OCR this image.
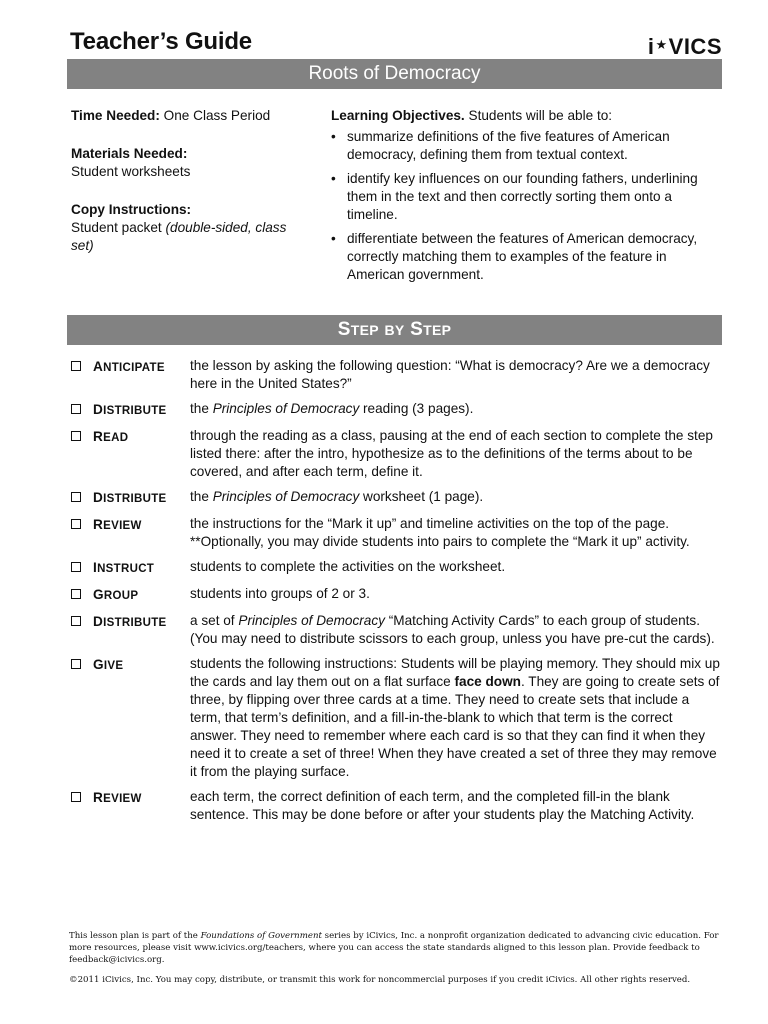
Teacher’s Guide	i ★ VICS
Roots of Democracy
Time Needed: One Class Period
Materials Needed:
Student worksheets
Copy Instructions:
Student packet (double-sided, class set)
Learning Objectives. Students will be able to:
• summarize definitions of the five features of American democracy, defining them from textual context.
• identify key influences on our founding fathers, underlining them in the text and then correctly sorting them onto a timeline.
• differentiate between the features of American democracy, correctly matching them to examples of the feature in American government.
S TEP
BY
S TEP
ANTICIPATE	the lesson by asking the following question: “What is democracy? Are we a democracy here in the United States?”
DISTRIBUTE	the Principles of Democracy reading (3 pages).
READ	through the reading as a class, pausing at the end of each section to complete the step listed there: after the intro, hypothesize as to the definitions of the terms about to be covered, and after each term, define it.
DISTRIBUTE	the Principles of Democracy worksheet (1 page).
REVIEW	the instructions for the “Mark it up” and timeline activities on the top of the page. **Optionally, you may divide students into pairs to complete the “Mark it up” activity.
INSTRUCT	students to complete the activities on the worksheet.
GROUP	students into groups of 2 or 3.
DISTRIBUTE	a set of Principles of Democracy “Matching Activity Cards” to each group of students. (You may need to distribute scissors to each group, unless you have pre-cut the cards).
GIVE	students the following instructions: Students will be playing memory. They should mix up the cards and lay them out on a flat surface face down. They are going to create sets of three, by flipping over three cards at a time. They need to create sets that include a term, that term’s definition, and a fill-in-the-blank to which that term is the correct answer. They need to remember where each card is so that they can find it when they need it to create a set of three! When they have created a set of three they may remove it from the playing surface.
REVIEW	each term, the correct definition of each term, and the completed fill-in the blank sentence. This may be done before or after your students play the Matching Activity.
This lesson plan is part of the Foundations of Government series by iCivics, Inc. a nonprofit organization dedicated to advancing civic education. For more resources, please visit www.icivics.org/teachers, where you can access the state standards aligned to this lesson plan. Provide feedback to feedback@icivics.org.
©2011 iCivics, Inc. You may copy, distribute, or transmit this work for noncommercial purposes if you credit iCivics. All other rights reserved.
